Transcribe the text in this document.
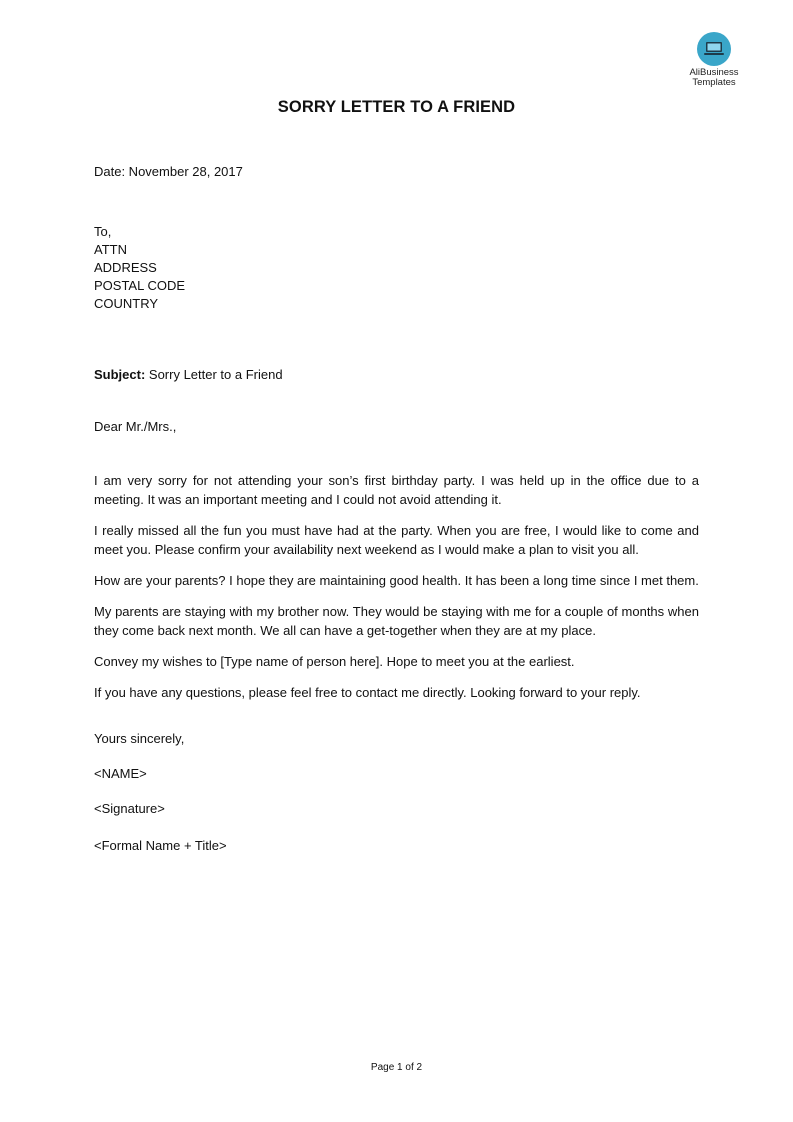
AliBusiness
Templates
SORRY LETTER TO A FRIEND
Date: November 28, 2017
To,
ATTN
ADDRESS
POSTAL CODE
COUNTRY
Subject: Sorry Letter to a Friend
Dear Mr./Mrs.,

I am very sorry for not attending your son’s first birthday party. I was held up in the office due to a meeting. It was an important meeting and I could not avoid attending it.

I really missed all the fun you must have had at the party. When you are free, I would like to come and meet you. Please confirm your availability next weekend as I would make a plan to visit you all.

How are your parents? I hope they are maintaining good health. It has been a long time since I met them.

My parents are staying with my brother now. They would be staying with me for a couple of months when they come back next month. We all can have a get-together when they are at my place.

Convey my wishes to [Type name of person here]. Hope to meet you at the earliest.

If you have any questions, please feel free to contact me directly. Looking forward to your reply.

Yours sincerely,
<NAME>
<Signature>
<Formal Name + Title>
Page 1 of 2
